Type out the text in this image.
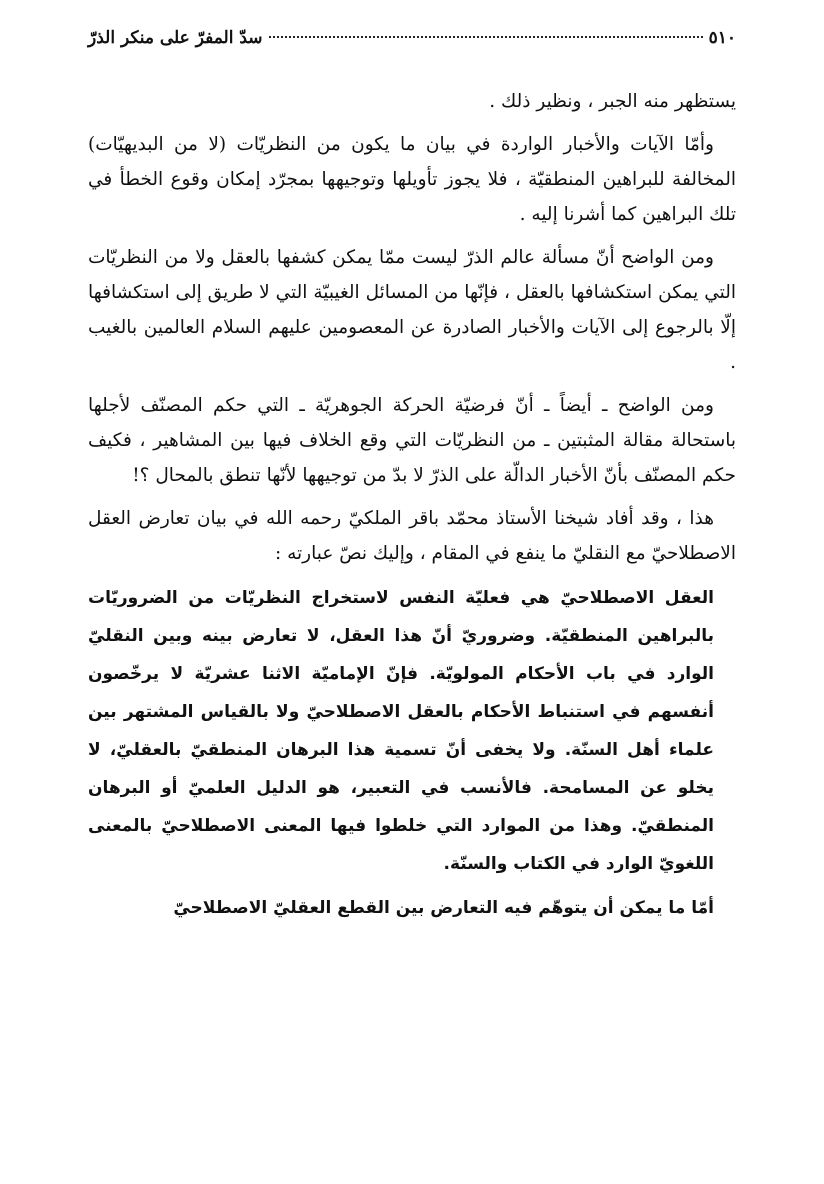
٥١٠
سدّ المفرّ على منكر الذرّ

يستظهر منه الجبر ، ونظير ذلك .

وأمّا الآيات والأخبار الواردة في بيان ما يكون من النظريّات (لا من البديهيّات) المخالفة للبراهين المنطقيّة ، فلا يجوز تأويلها وتوجيهها بمجرّد إمكان وقوع الخطأ في تلك البراهين كما أشرنا إليه .

ومن الواضح أنّ مسألة عالم الذرّ ليست ممّا يمكن كشفها بالعقل ولا من النظريّات التي يمكن استكشافها بالعقل ، فإنّها من المسائل الغيبيّة التي لا طريق إلى استكشافها إلّا بالرجوع إلى الآيات والأخبار الصادرة عن المعصومين عليهم السلام العالمين بالغيب .

ومن الواضح ـ أيضاً ـ أنّ فرضيّة الحركة الجوهريّة ـ التي حكم المصنّف لأجلها باستحالة مقالة المثبتين ـ من النظريّات التي وقع الخلاف فيها بين المشاهير ، فكيف حكم المصنّف بأنّ الأخبار الدالّة على الذرّ لا بدّ من توجيهها لأنّها تنطق بالمحال ؟!

هذا ، وقد أفاد شيخنا الأستاذ محمّد باقر الملكيّ رحمه الله في بيان تعارض العقل الاصطلاحيّ مع النقليّ ما ينفع في المقام ، وإليك نصّ عبارته :

العقل الاصطلاحيّ هي فعليّة النفس لاستخراج النظريّات من الضروريّات بالبراهين المنطقيّة. وضروريّ أنّ هذا العقل، لا تعارض بينه وبين النقليّ الوارد في باب الأحكام المولويّة. فإنّ الإماميّة الاثنا عشريّة لا يرخّصون أنفسهم في استنباط الأحكام بالعقل الاصطلاحيّ ولا بالقياس المشتهر بين علماء أهل السنّة. ولا يخفى أنّ تسمية هذا البرهان المنطقيّ بالعقليّ، لا يخلو عن المسامحة. فالأنسب في التعبير، هو الدليل العلميّ أو البرهان المنطقيّ. وهذا من الموارد التي خلطوا فيها المعنى الاصطلاحيّ بالمعنى اللغويّ الوارد في الكتاب والسنّة.

أمّا ما يمكن أن يتوهّم فيه التعارض بين القطع العقليّ الاصطلاحيّ
